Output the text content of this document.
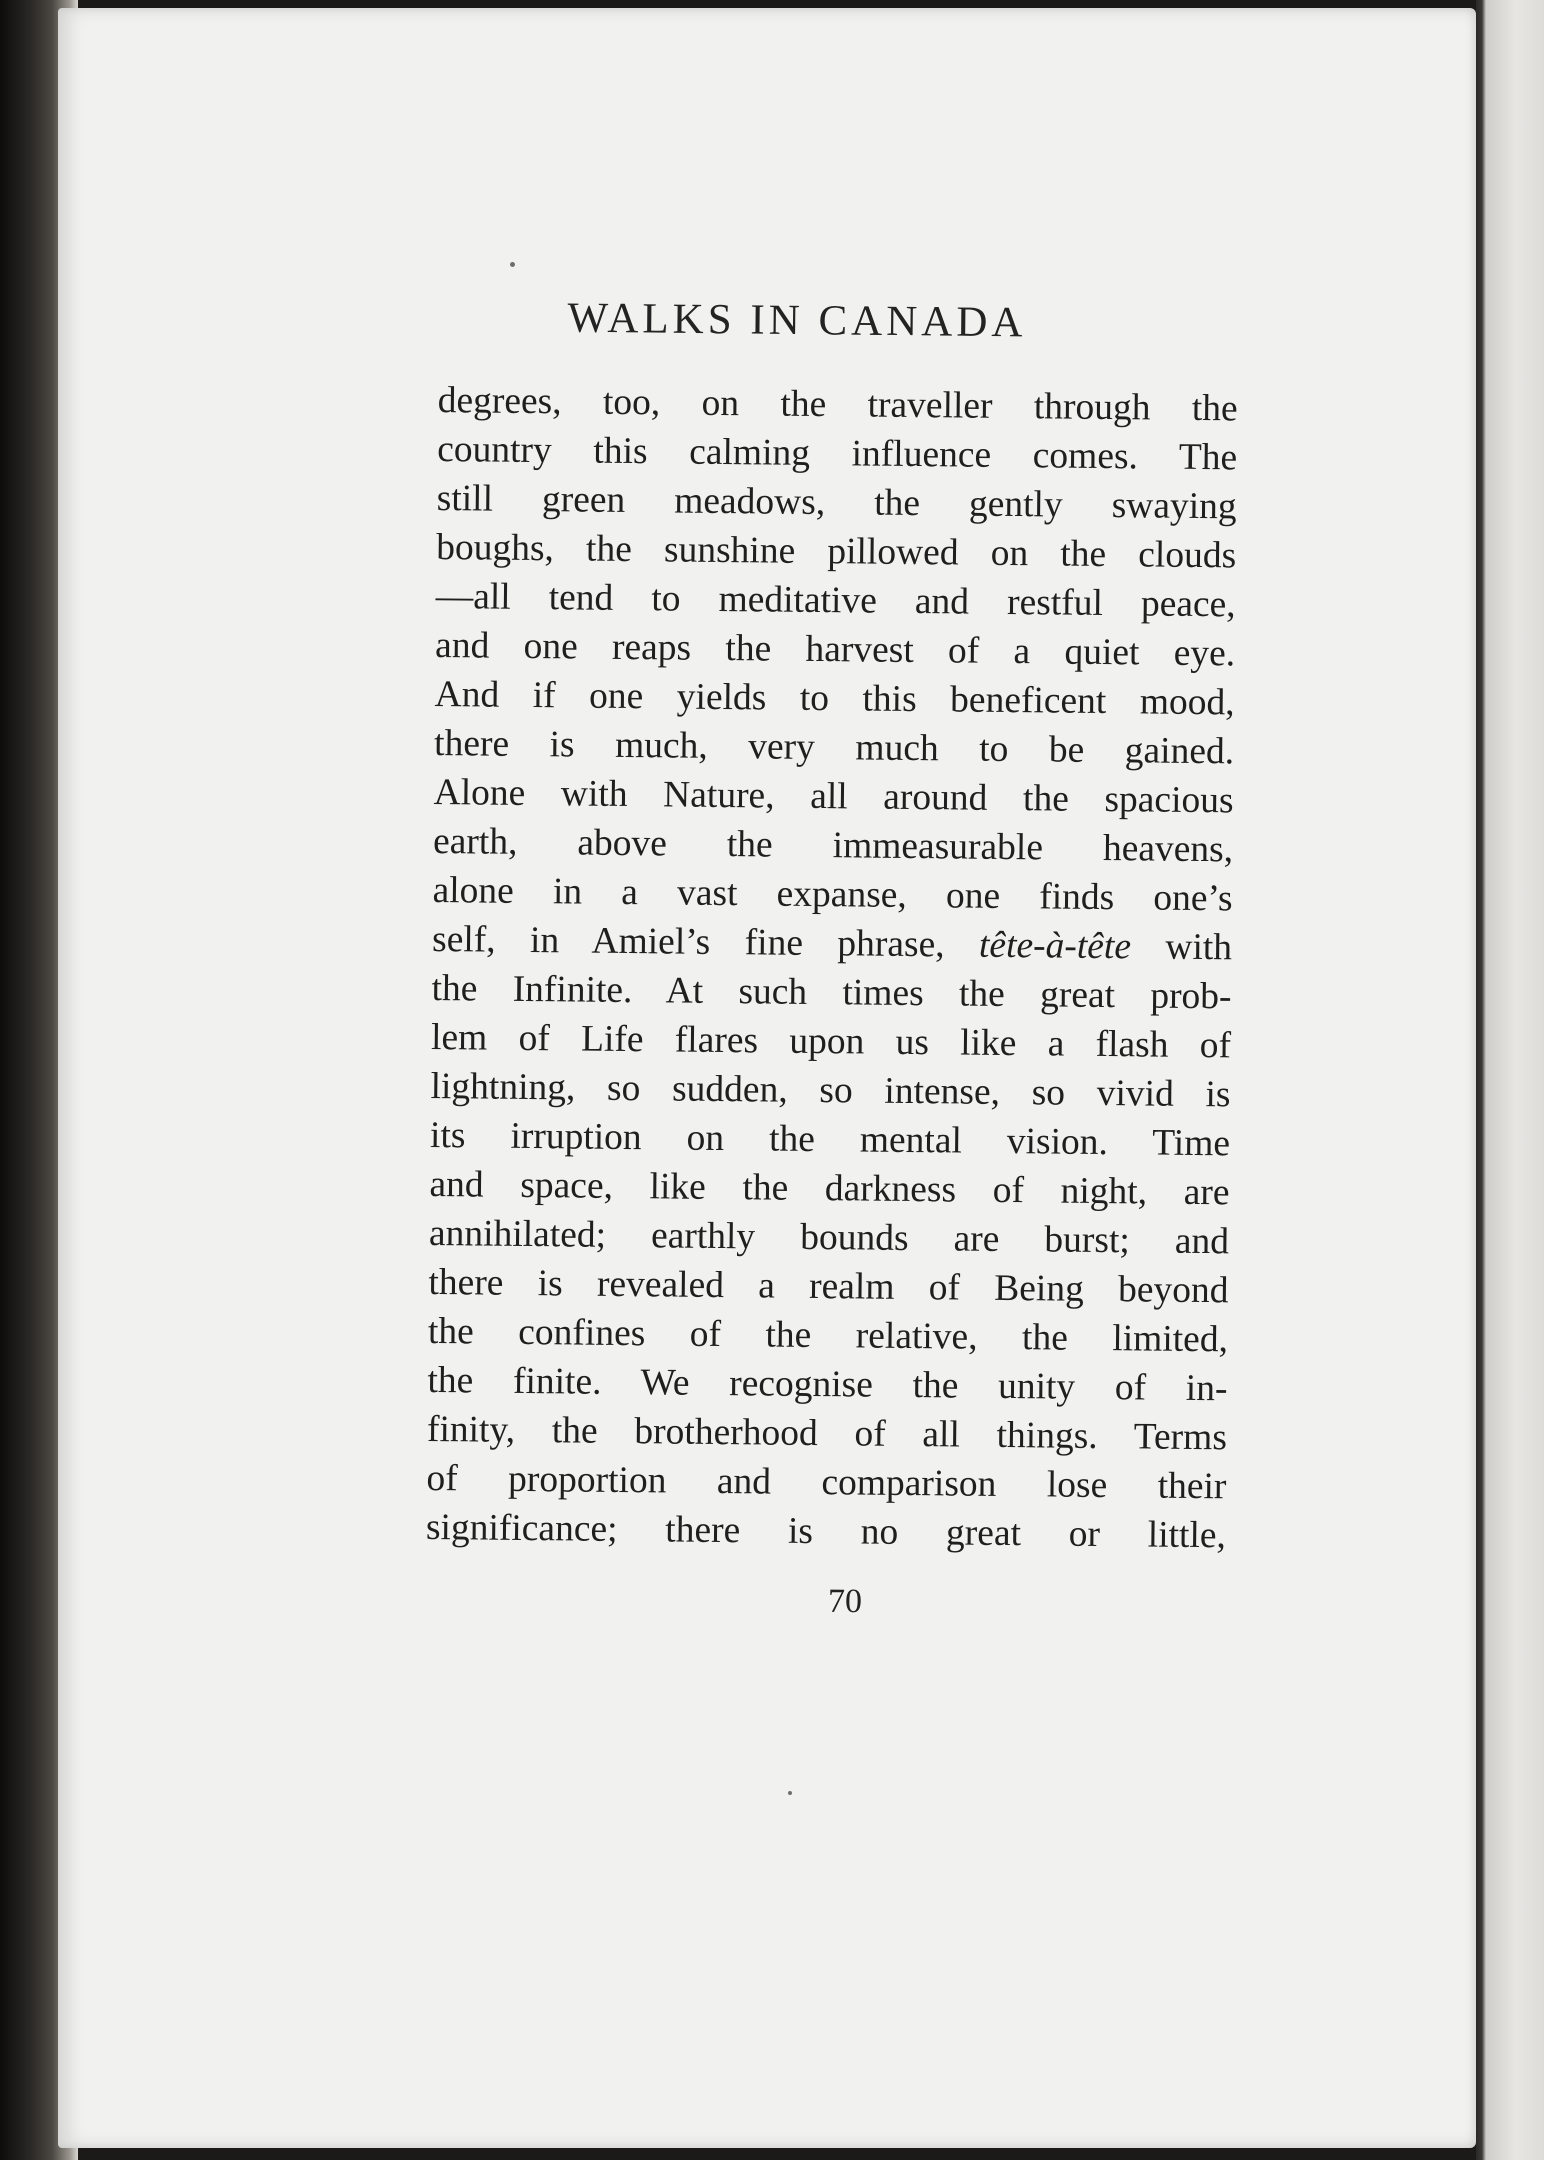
WALKS IN CANADA
degrees, too, on the traveller through the
country this calming influence comes. The
still green meadows, the gently swaying
boughs, the sunshine pillowed on the clouds
—all tend to meditative and restful peace,
and one reaps the harvest of a quiet eye.
And if one yields to this beneficent mood,
there is much, very much to be gained.
Alone with Nature, all around the spacious
earth, above the immeasurable heavens,
alone in a vast expanse, one finds one’s
self, in Amiel’s fine phrase, tête-à-tête with
the Infinite. At such times the great prob-
lem of Life flares upon us like a flash of
lightning, so sudden, so intense, so vivid is
its irruption on the mental vision. Time
and space, like the darkness of night, are
annihilated; earthly bounds are burst; and
there is revealed a realm of Being beyond
the confines of the relative, the limited,
the finite. We recognise the unity of in-
finity, the brotherhood of all things. Terms
of proportion and comparison lose their
significance; there is no great or little,
70
